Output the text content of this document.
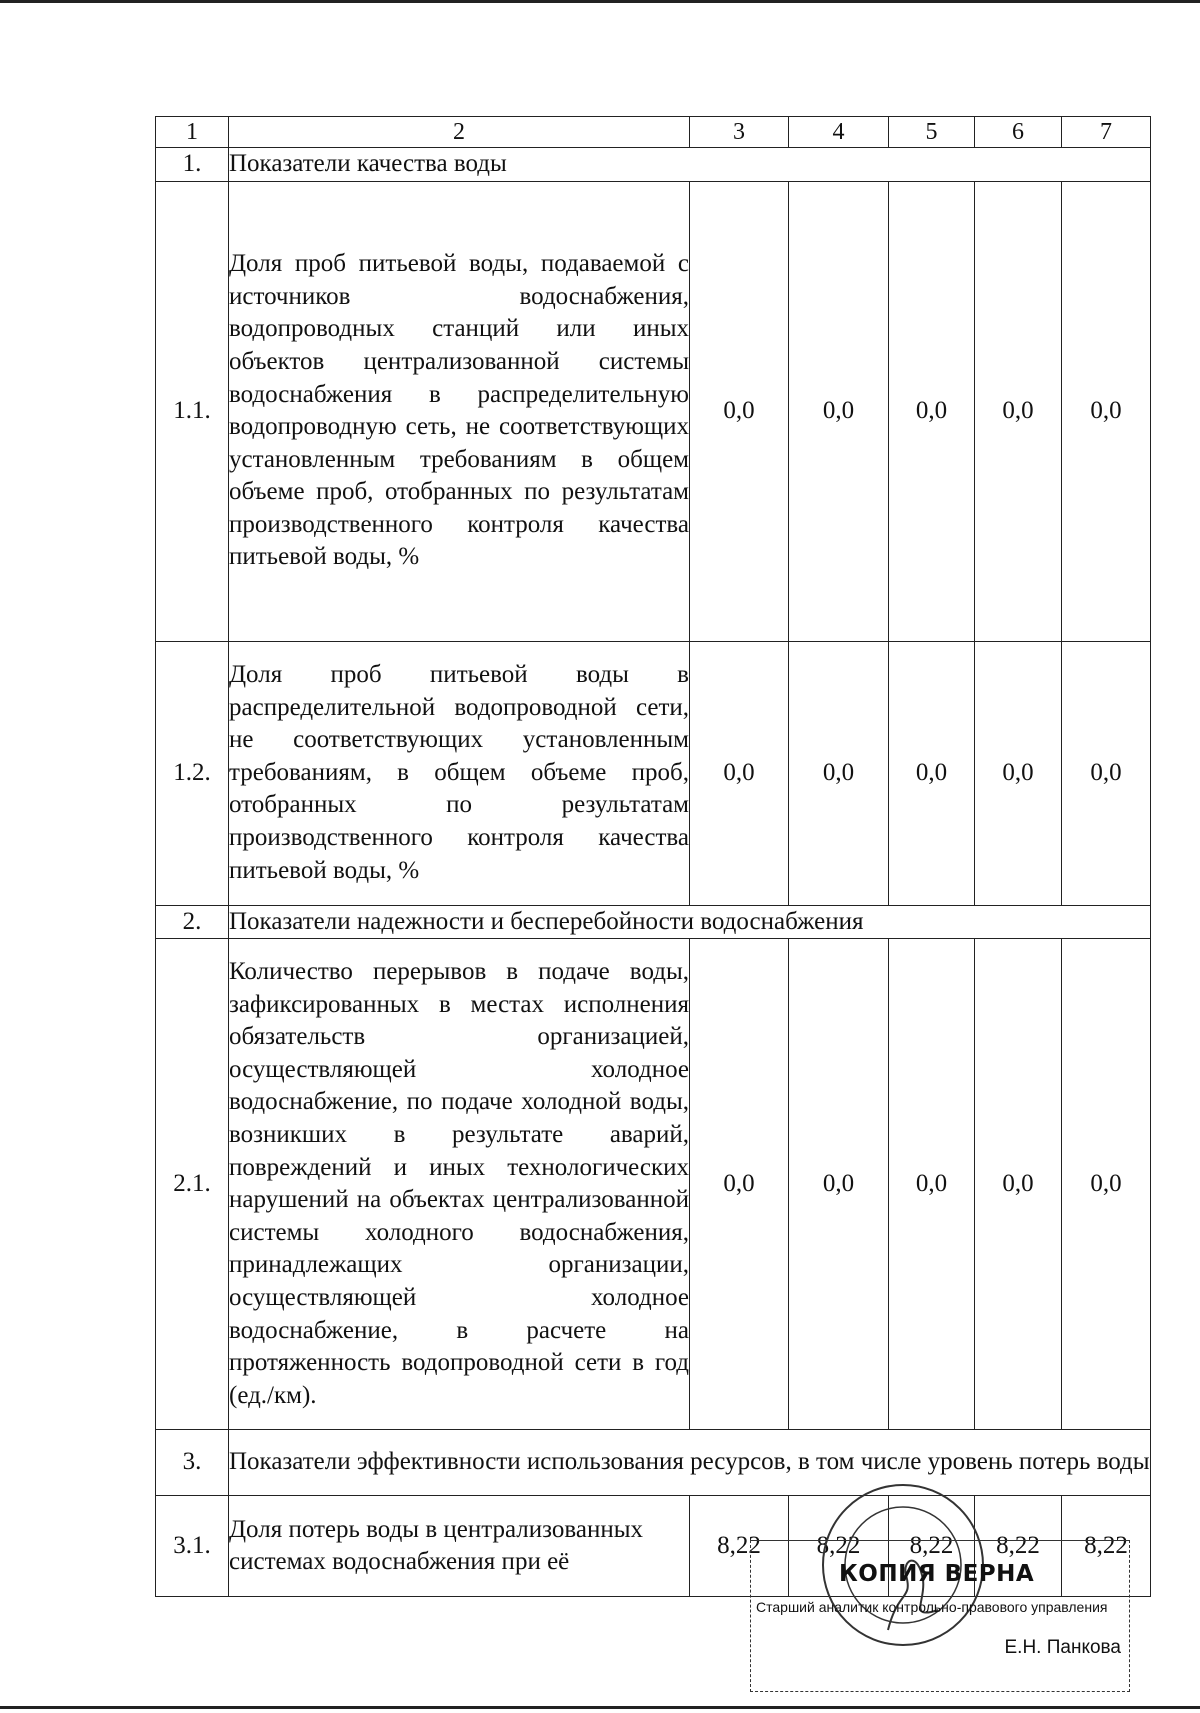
1	2	3	4	5	6	7
1.	Показатели качества воды					
1.1.	Доля проб питьевой воды, подаваемой с источников водоснабжения, водопроводных станций или иных объектов централизованной системы водоснабжения в распределительную водопроводную сеть, не соответствующих установленным требованиям в общем объеме проб, отобранных по результатам производственного контроля качества питьевой воды, %	0,0	0,0	0,0	0,0	0,0
1.2.	Доля проб питьевой воды в распределительной водопроводной сети, не соответствующих установленным требованиям, в общем объеме проб, отобранных по результатам производственного контроля качества питьевой воды, %	0,0	0,0	0,0	0,0	0,0
2.	Показатели надежности и бесперебойности водоснабжения					
2.1.	Количество перерывов в подаче воды, зафиксированных в местах исполнения обязательств организацией, осуществляющей холодное водоснабжение, по подаче холодной воды, возникших в результате аварий, повреждений и иных технологических нарушений на объектах централизованной системы холодного водоснабжения, принадлежащих организации, осуществляющей холодное водоснабжение, в расчете на протяженность водопроводной сети в год (ед./км).	0,0	0,0	0,0	0,0	0,0
3.	Показатели эффективности использования ресурсов, в том числе уровень потерь воды					
3.1.	Доля потерь воды в централизованных системах водоснабжения при её	8,22	8,22	8,22	8,22	8,22
КОПИЯ ВЕРНА
Старший аналитик контрольно-правового управления
Е.Н. Панкова
